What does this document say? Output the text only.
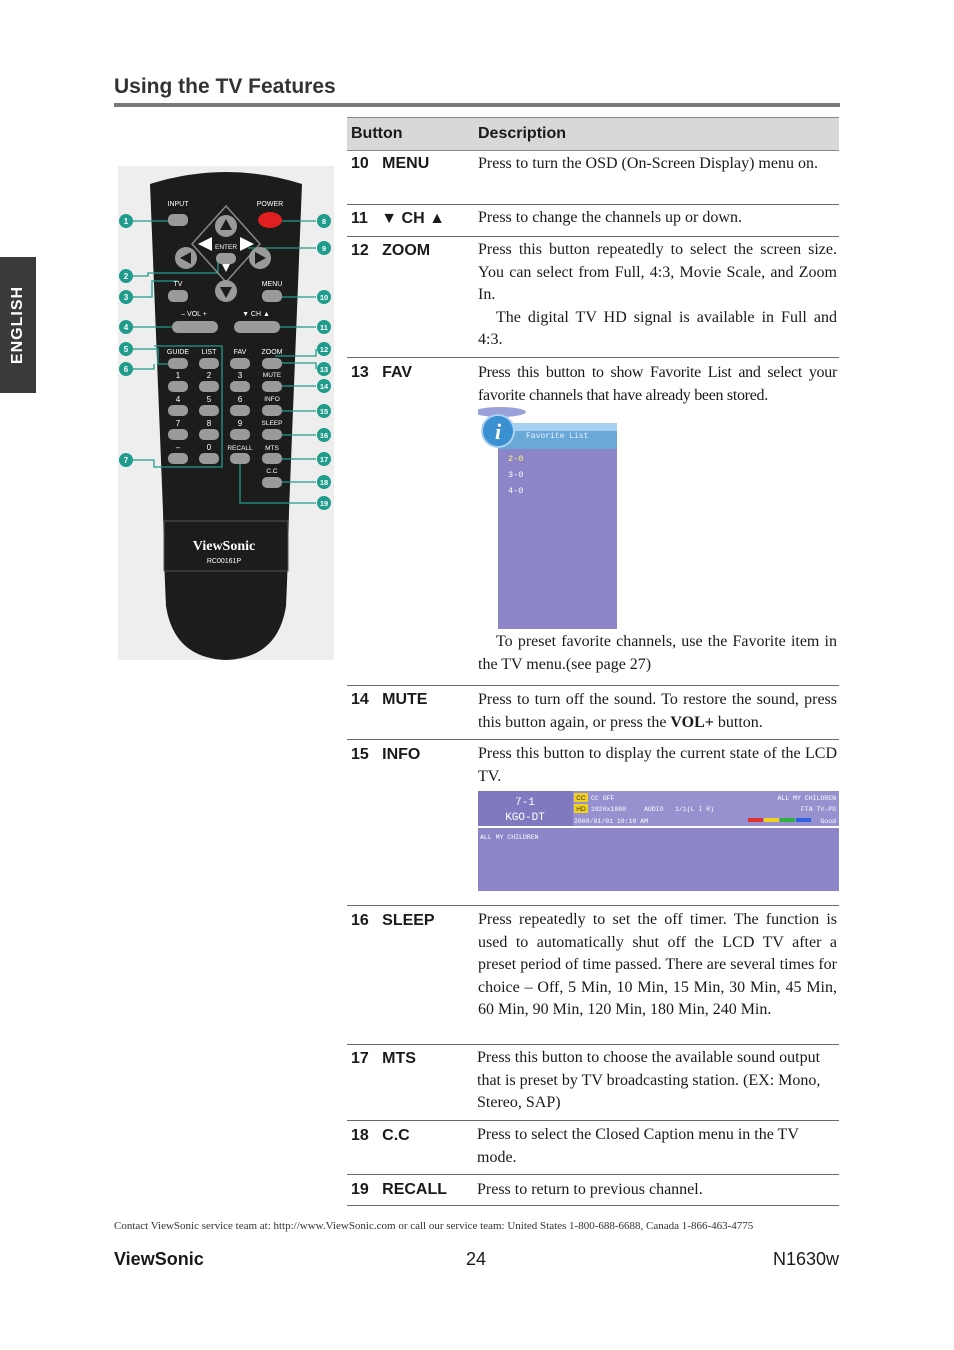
ENGLISH
Using the TV Features
INPUT	POWER
ENTER
TV	MENU
– VOL +	▼ CH ▲
GUIDE LIST FAV ZOOM
1	2	3
4	5	6
7	8	9
–	0
MUTE
INFO
SLEEP
RECALL MTS
C.C
ViewSonic
RC00161P
1
2
3
4
5
6
7
8
9
10
11
12
13
14
15
16
17
18
19
Button	Description
10 MENU	Press to turn the OSD (On-Screen Display) menu on.
11 ▼ CH ▲ Press to change the channels up or down.
12 ZOOM	Press this button repeatedly to select the screen size. You can select from Full, 4:3, Movie Scale, and Zoom In.
The digital TV HD signal is available in Full and 4:3.
13 FAV	Press this button to show Favorite List and select your favorite channels that have already been stored.
i	Favorite List
2-0
3-0
4-0
To preset favorite channels, use the Favorite item in the TV menu.(see page 27)
14 MUTE	Press to turn off the sound. To restore the sound, press this button again, or press the VOL+ button.
15 INFO	Press this button to display the current state of the LCD TV.
7-1
KGO-DT
CC CC OFF
HD 1920x1080	AUDIO 1/1(L I R)
2000/01/01 10:10 AM
ALL MY CHILDREN
FTA TV-PG
Good
ALL MY CHILDREN
16 SLEEP	Press repeatedly to set the off timer. The function is used to automatically shut off the LCD TV after a preset period of time passed. There are several times for choice – Off, 5 Min, 10 Min, 15 Min, 30 Min, 45 Min, 60 Min, 90 Min, 120 Min, 180 Min, 240 Min.
17 MTS	Press this button to choose the available sound output that is preset by TV broadcasting station. (EX: Mono, Stereo, SAP)
18 C.C	Press to select the Closed Caption menu in the TV mode.
19 RECALL Press to return to previous channel.
Contact ViewSonic service team at: http://www.ViewSonic.com or call our service team: United States 1-800-688-6688, Canada 1-866-463-4775
ViewSonic	24	N1630w
